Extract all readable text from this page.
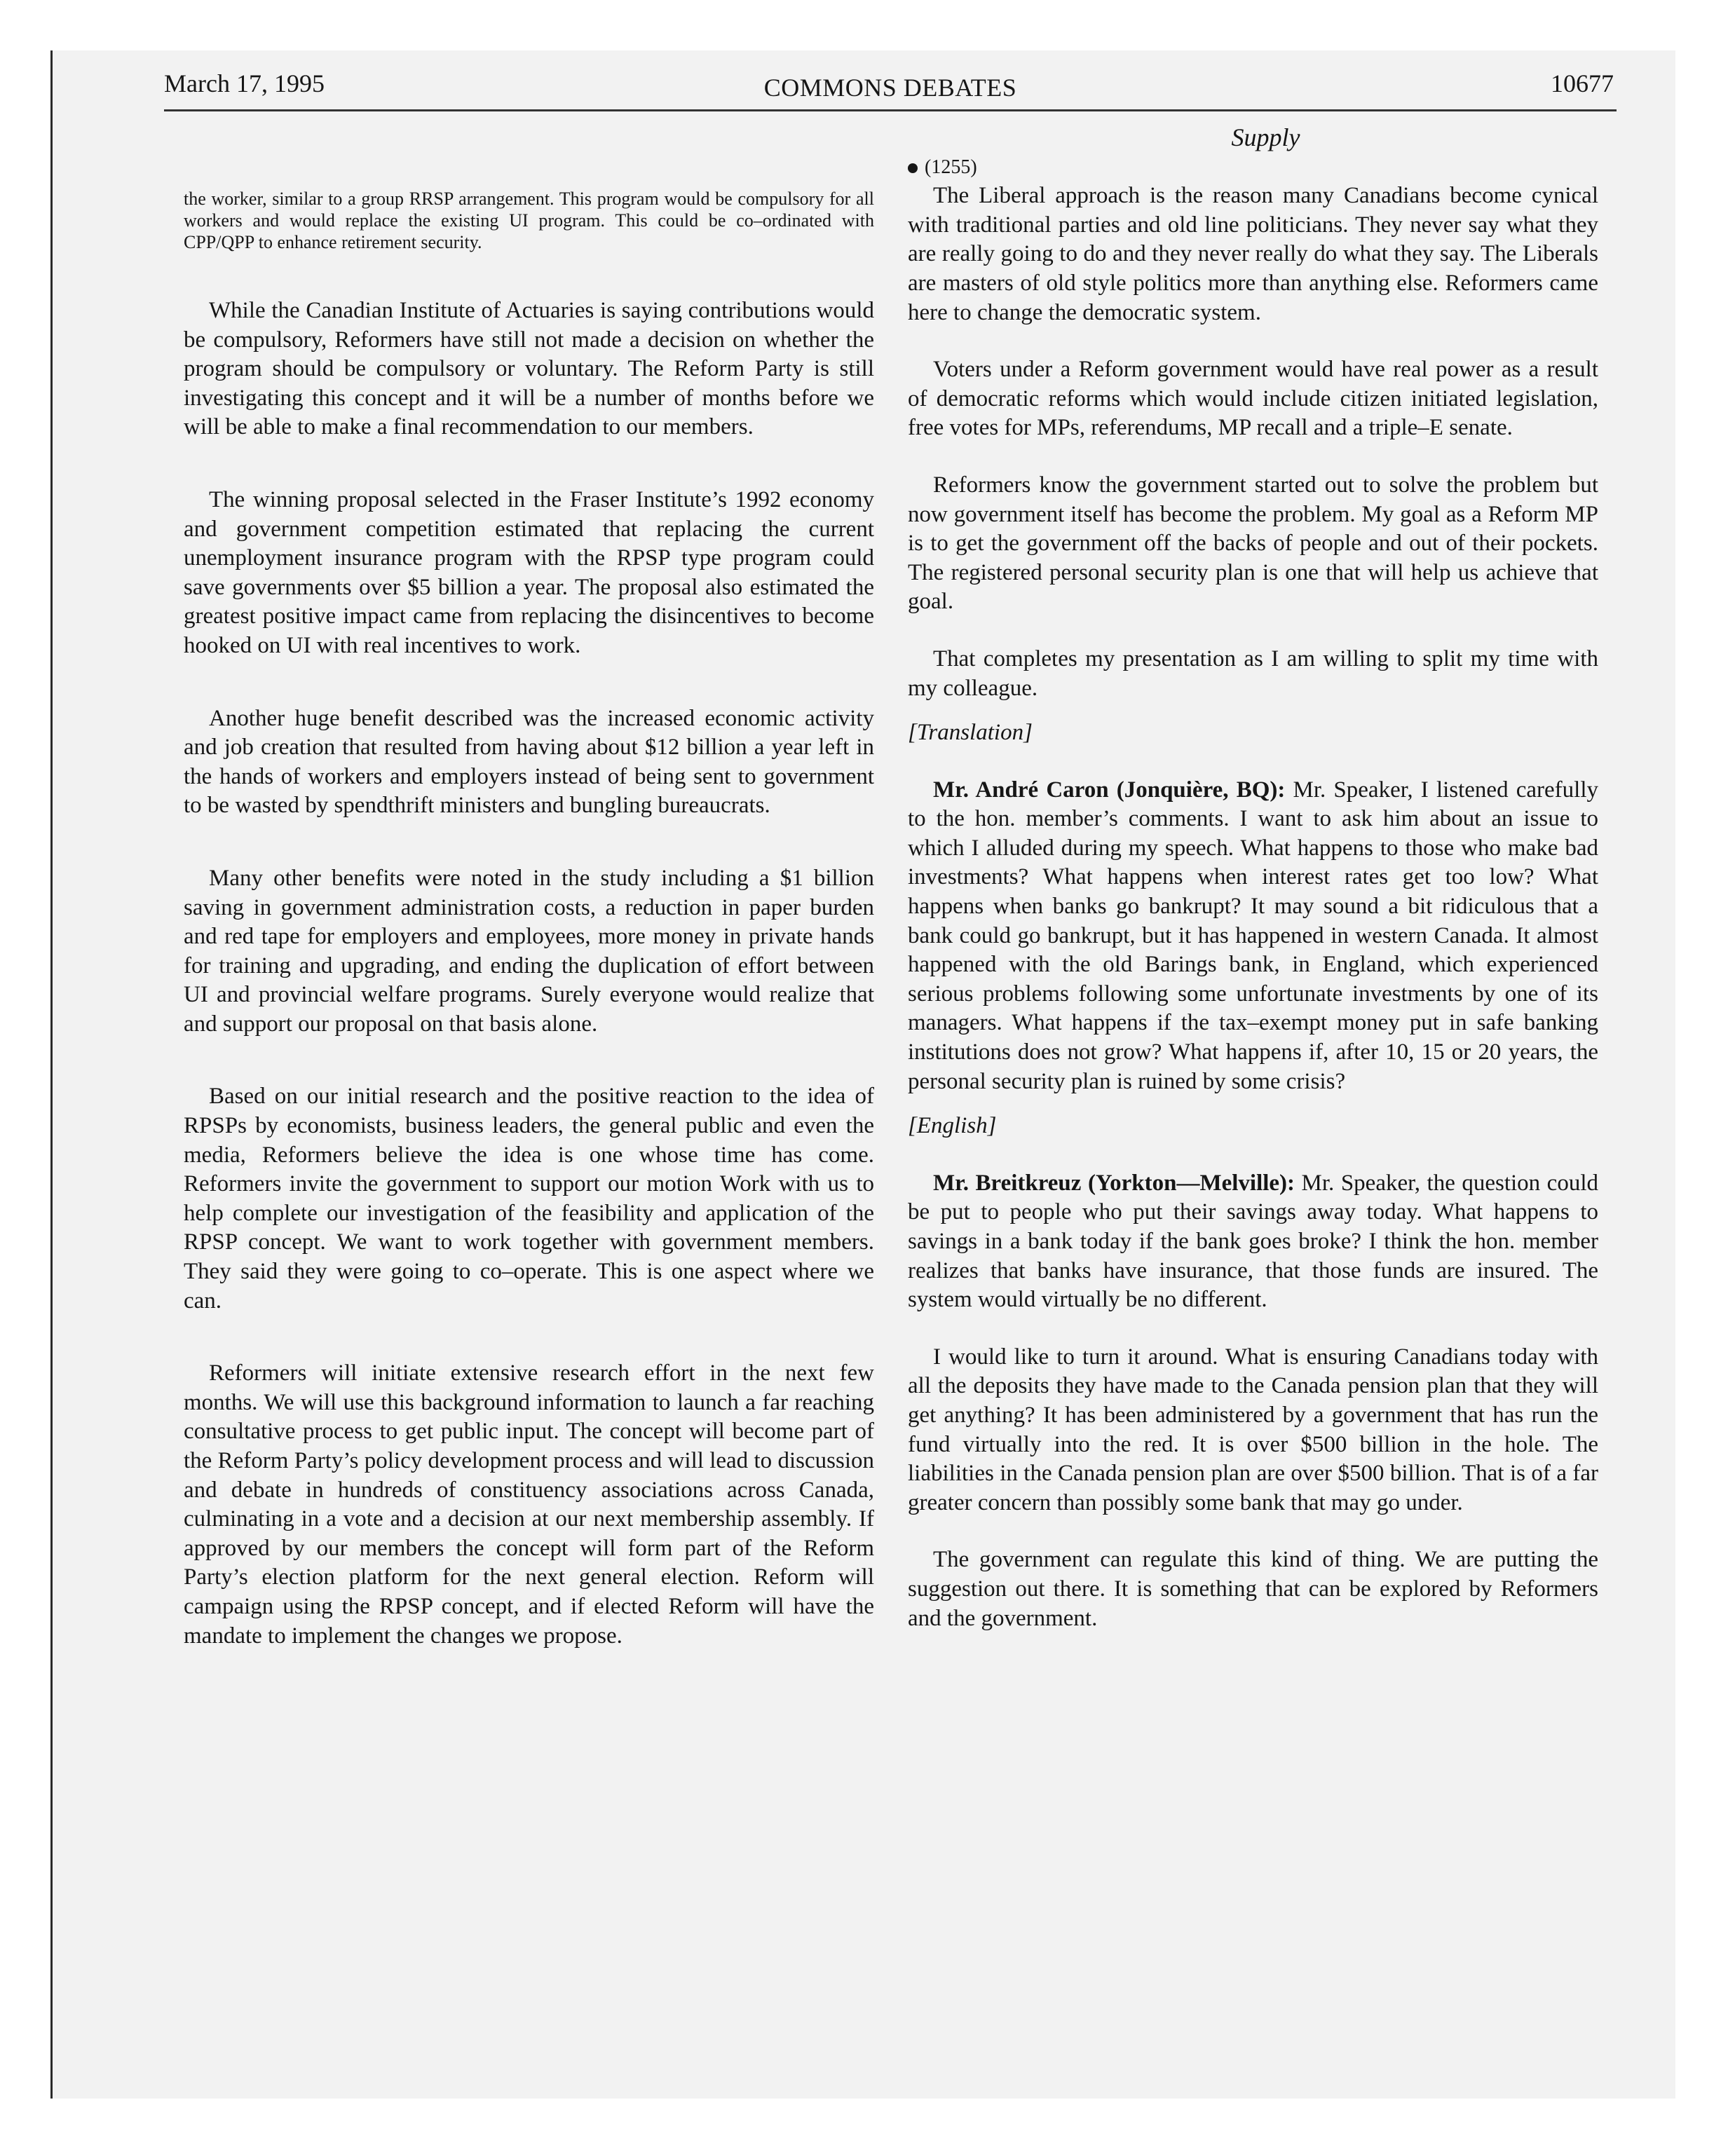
March 17, 1995	COMMONS DEBATES	10677

the worker, similar to a group RRSP arrangement. This program would be compulsory for all workers and would replace the existing UI program. This could be co–ordinated with CPP/QPP to enhance retirement security.

While the Canadian Institute of Actuaries is saying contributions would be compulsory, Reformers have still not made a decision on whether the program should be compulsory or voluntary. The Reform Party is still investigating this concept and it will be a number of months before we will be able to make a final recommendation to our members.

The winning proposal selected in the Fraser Institute’s 1992 economy and government competition estimated that replacing the current unemployment insurance program with the RPSP type program could save governments over $5 billion a year. The proposal also estimated the greatest positive impact came from replacing the disincentives to become hooked on UI with real incentives to work.

Another huge benefit described was the increased economic activity and job creation that resulted from having about $12 billion a year left in the hands of workers and employers instead of being sent to government to be wasted by spendthrift ministers and bungling bureaucrats.

Many other benefits were noted in the study including a $1 billion saving in government administration costs, a reduction in paper burden and red tape for employers and employees, more money in private hands for training and upgrading, and ending the duplication of effort between UI and provincial welfare programs. Surely everyone would realize that and support our proposal on that basis alone.

Based on our initial research and the positive reaction to the idea of RPSPs by economists, business leaders, the general public and even the media, Reformers believe the idea is one whose time has come. Reformers invite the government to support our motion Work with us to help complete our investigation of the feasibility and application of the RPSP concept. We want to work together with government members. They said they were going to co–operate. This is one aspect where we can.

Reformers will initiate extensive research effort in the next few months. We will use this background information to launch a far reaching consultative process to get public input. The concept will become part of the Reform Party’s policy development process and will lead to discussion and debate in hundreds of constituency associations across Canada, culminating in a vote and a decision at our next membership assembly. If approved by our members the concept will form part of the Reform Party’s election platform for the next general election. Reform will campaign using the RPSP concept, and if elected Reform will have the mandate to implement the changes we propose.

Supply

(1255)

The Liberal approach is the reason many Canadians become cynical with traditional parties and old line politicians. They never say what they are really going to do and they never really do what they say. The Liberals are masters of old style politics more than anything else. Reformers came here to change the democratic system.

Voters under a Reform government would have real power as a result of democratic reforms which would include citizen initiated legislation, free votes for MPs, referendums, MP recall and a triple–E senate.

Reformers know the government started out to solve the problem but now government itself has become the problem. My goal as a Reform MP is to get the government off the backs of people and out of their pockets. The registered personal security plan is one that will help us achieve that goal.

That completes my presentation as I am willing to split my time with my colleague.

[Translation]

Mr. André Caron (Jonquière, BQ): Mr. Speaker, I listened carefully to the hon. member’s comments. I want to ask him about an issue to which I alluded during my speech. What happens to those who make bad investments? What happens when interest rates get too low? What happens when banks go bankrupt? It may sound a bit ridiculous that a bank could go bankrupt, but it has happened in western Canada. It almost happened with the old Barings bank, in England, which experienced serious problems following some unfortunate investments by one of its managers. What happens if the tax–exempt money put in safe banking institutions does not grow? What happens if, after 10, 15 or 20 years, the personal security plan is ruined by some crisis?

[English]

Mr. Breitkreuz (Yorkton—Melville): Mr. Speaker, the question could be put to people who put their savings away today. What happens to savings in a bank today if the bank goes broke? I think the hon. member realizes that banks have insurance, that those funds are insured. The system would virtually be no different.

I would like to turn it around. What is ensuring Canadians today with all the deposits they have made to the Canada pension plan that they will get anything? It has been administered by a government that has run the fund virtually into the red. It is over $500 billion in the hole. The liabilities in the Canada pension plan are over $500 billion. That is of a far greater concern than possibly some bank that may go under.

The government can regulate this kind of thing. We are putting the suggestion out there. It is something that can be explored by Reformers and the government.
